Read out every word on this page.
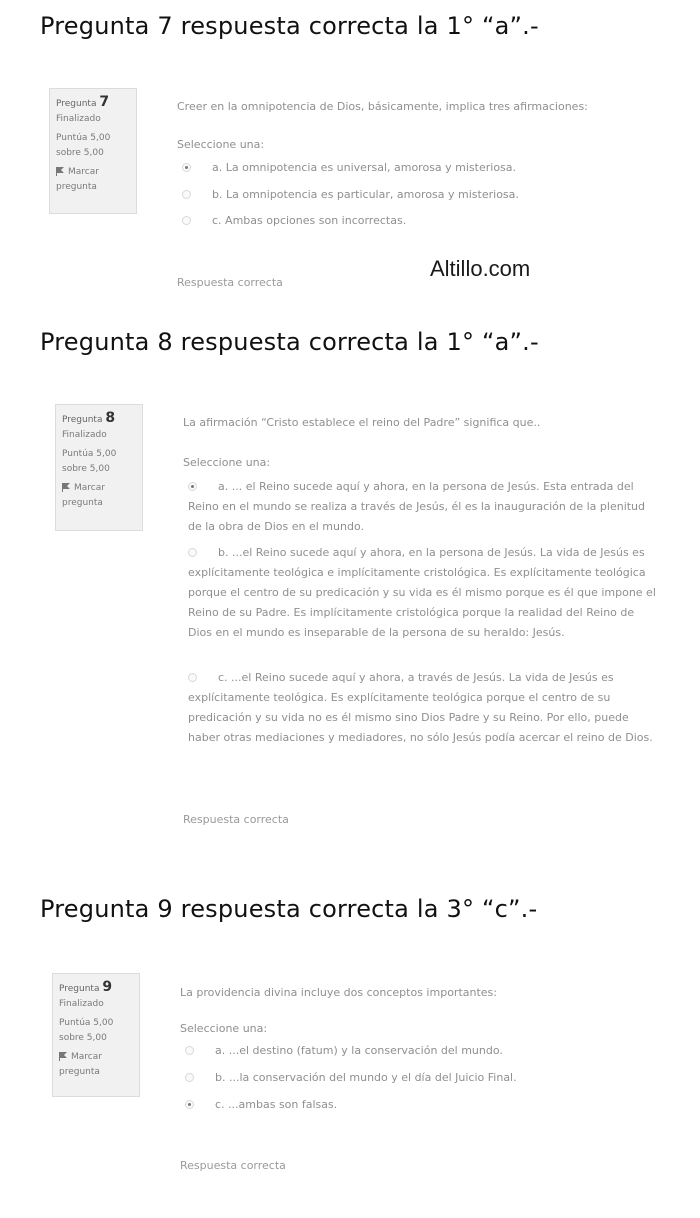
Pregunta 7 respuesta correcta la 1° “a”.-
Pregunta 7
Finalizado
Puntúa 5,00
sobre 5,00
Marcar
pregunta
Creer en la omnipotencia de Dios, básicamente, implica tres afirmaciones:
Seleccione una:
a. La omnipotencia es universal, amorosa y misteriosa.
b. La omnipotencia es particular, amorosa y misteriosa.
c. Ambas opciones son incorrectas.
Respuesta correcta
Altillo.com
Pregunta 8 respuesta correcta la 1° “a”.-
Pregunta 8
Finalizado
Puntúa 5,00
sobre 5,00
Marcar
pregunta
La afirmación “Cristo establece el reino del Padre” significa que..
Seleccione una:
a. ... el Reino sucede aquí y ahora, en la persona de Jesús. Esta entrada del Reino en el mundo se realiza a través de Jesús, él es la inauguración de la plenitud de la obra de Dios en el mundo.
b. ...el Reino sucede aquí y ahora, en la persona de Jesús. La vida de Jesús es explícitamente teológica e implícitamente cristológica. Es explícitamente teológica porque el centro de su predicación y su vida es él mismo porque es él que impone el Reino de su Padre. Es implícitamente cristológica porque la realidad del Reino de Dios en el mundo es inseparable de la persona de su heraldo: Jesús.
c. ...el Reino sucede aquí y ahora, a través de Jesús. La vida de Jesús es explícitamente teológica. Es explícitamente teológica porque el centro de su predicación y su vida no es él mismo sino Dios Padre y su Reino. Por ello, puede haber otras mediaciones y mediadores, no sólo Jesús podía acercar el reino de Dios.
Respuesta correcta
Pregunta 9 respuesta correcta la 3° “c”.-
Pregunta 9
Finalizado
Puntúa 5,00
sobre 5,00
Marcar
pregunta
La providencia divina incluye dos conceptos importantes:
Seleccione una:
a. ...el destino (fatum) y la conservación del mundo.
b. ...la conservación del mundo y el día del Juicio Final.
c. ...ambas son falsas.
Respuesta correcta
